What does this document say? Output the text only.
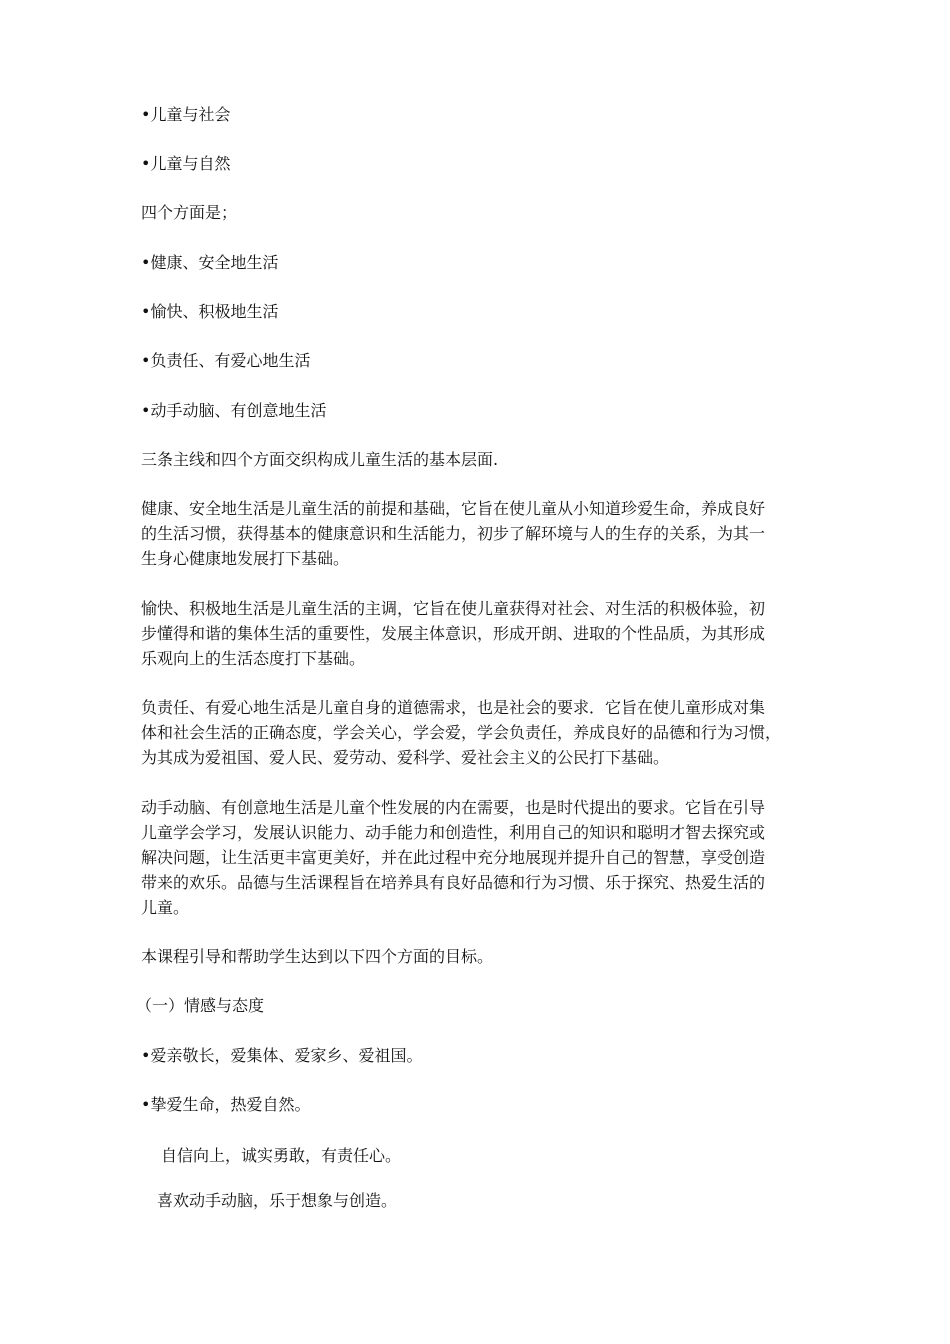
•儿童与社会
•儿童与自然
四个方面是；
•健康、安全地生活
•愉快、积极地生活
•负责任、有爱心地生活
•动手动脑、有创意地生活
三条主线和四个方面交织构成儿童生活的基本层面.
健康、安全地生活是儿童生活的前提和基础，它旨在使儿童从小知道珍爱生命，养成良好
的生活习惯，获得基本的健康意识和生活能力，初步了解环境与人的生存的关系，为其一
生身心健康地发展打下基础。
愉快、积极地生活是儿童生活的主调，它旨在使儿童获得对社会、对生活的积极体验，初
步懂得和谐的集体生活的重要性，发展主体意识，形成开朗、进取的个性品质，为其形成
乐观向上的生活态度打下基础。
负责任、有爱心地生活是儿童自身的道德需求，也是社会的要求．它旨在使儿童形成对集
体和社会生活的正确态度，学会关心，学会爱，学会负责任，养成良好的品德和行为习惯，
为其成为爱祖国、爱人民、爱劳动、爱科学、爱社会主义的公民打下基础。
动手动脑、有创意地生活是儿童个性发展的内在需要，也是时代提出的要求。它旨在引导
儿童学会学习，发展认识能力、动手能力和创造性，利用自己的知识和聪明才智去探究或
解决问题，让生活更丰富更美好，并在此过程中充分地展现并提升自己的智慧，享受创造
带来的欢乐。品德与生活课程旨在培养具有良好品德和行为习惯、乐于探究、热爱生活的
儿童。
本课程引导和帮助学生达到以下四个方面的目标。
（一）情感与态度
•爱亲敬长，爱集体、爱家乡、爱祖国。
•挚爱生命，热爱自然。
自信向上，诚实勇敢，有责任心。
喜欢动手动脑，乐于想象与创造。
